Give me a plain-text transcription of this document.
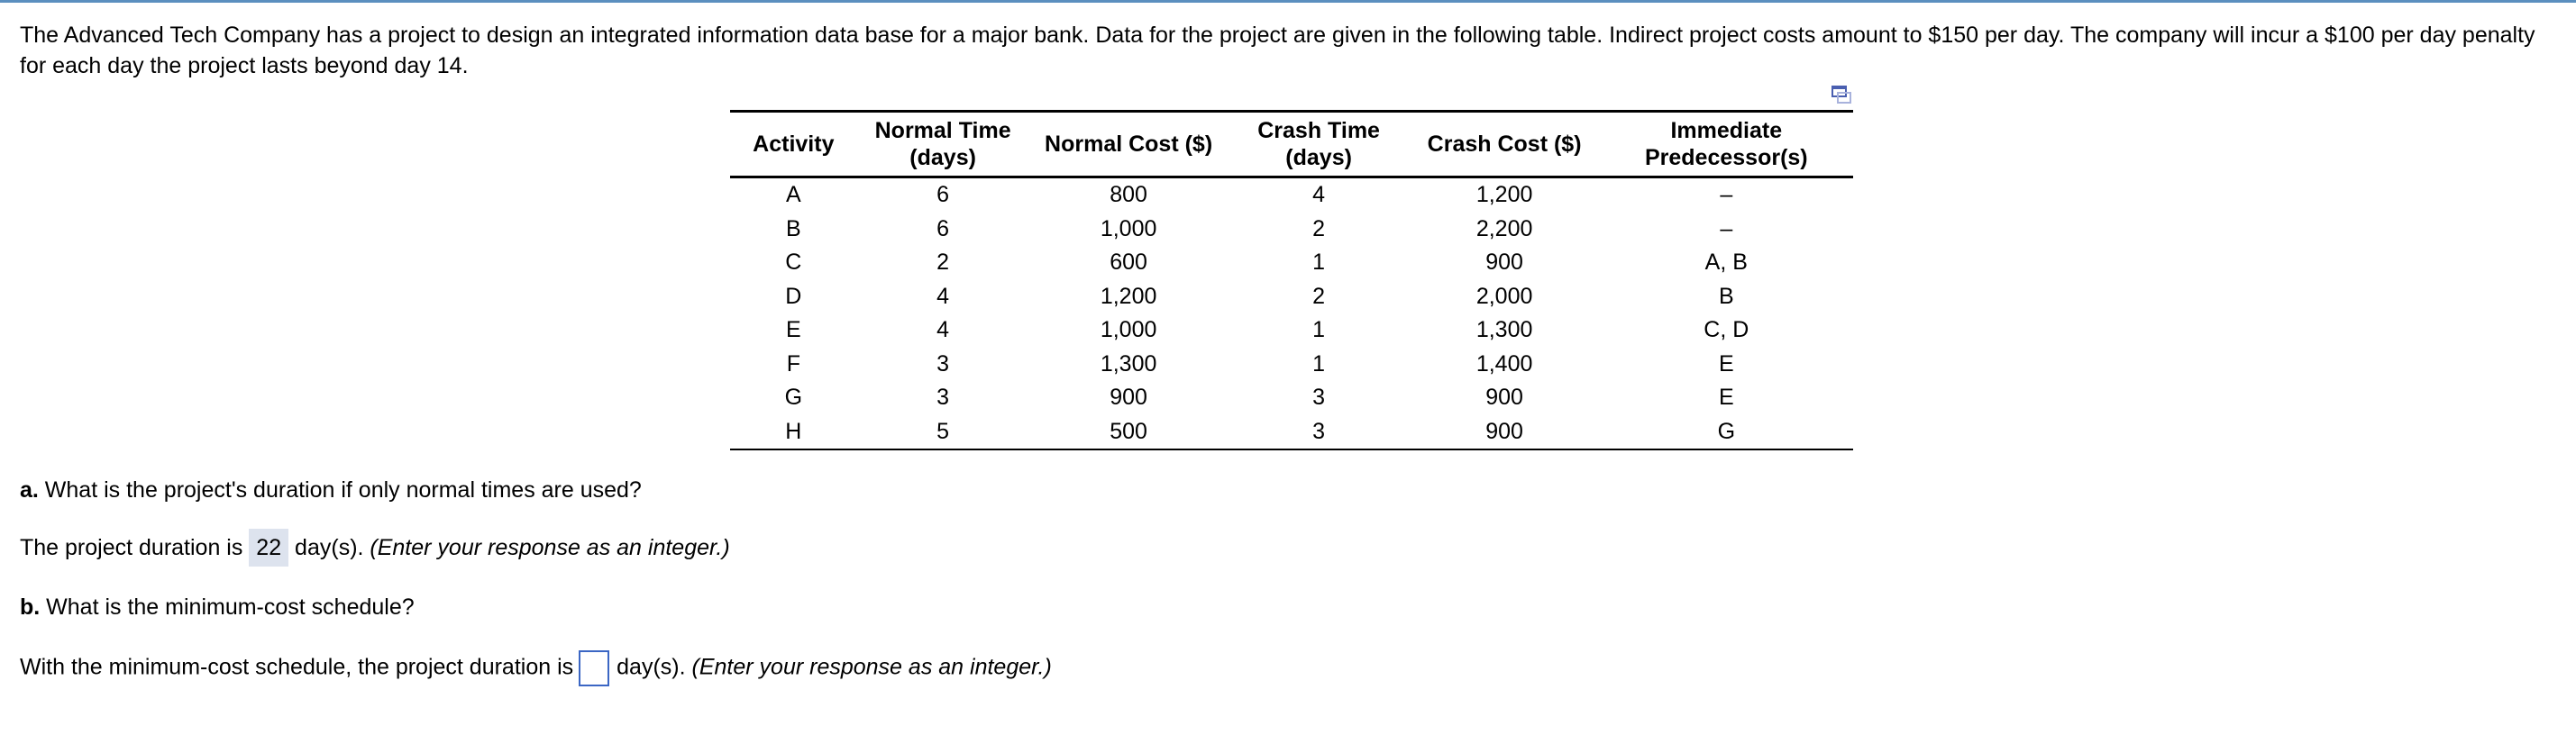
The Advanced Tech Company has a project to design an integrated information data base for a major bank. Data for the project are given in the following table. Indirect project costs amount to $150 per day. The company will incur a $100 per day penalty for each day the project lasts beyond day 14.
Activity	Normal Time (days)	Normal Cost ($)	Crash Time (days)	Crash Cost ($)	Immediate Predecessor(s)
A	6	800	4	1,200	–
B	6	1,000	2	2,200	–
C	2	600	1	900	A, B
D	4	1,200	2	2,000	B
E	4	1,000	1	1,300	C, D
F	3	1,300	1	1,400	E
G	3	900	3	900	E
H	5	500	3	900	G
a. What is the project's duration if only normal times are used?
The project duration is 22 day(s). (Enter your response as an integer.)
b. What is the minimum-cost schedule?
With the minimum-cost schedule, the project duration is day(s). (Enter your response as an integer.)
